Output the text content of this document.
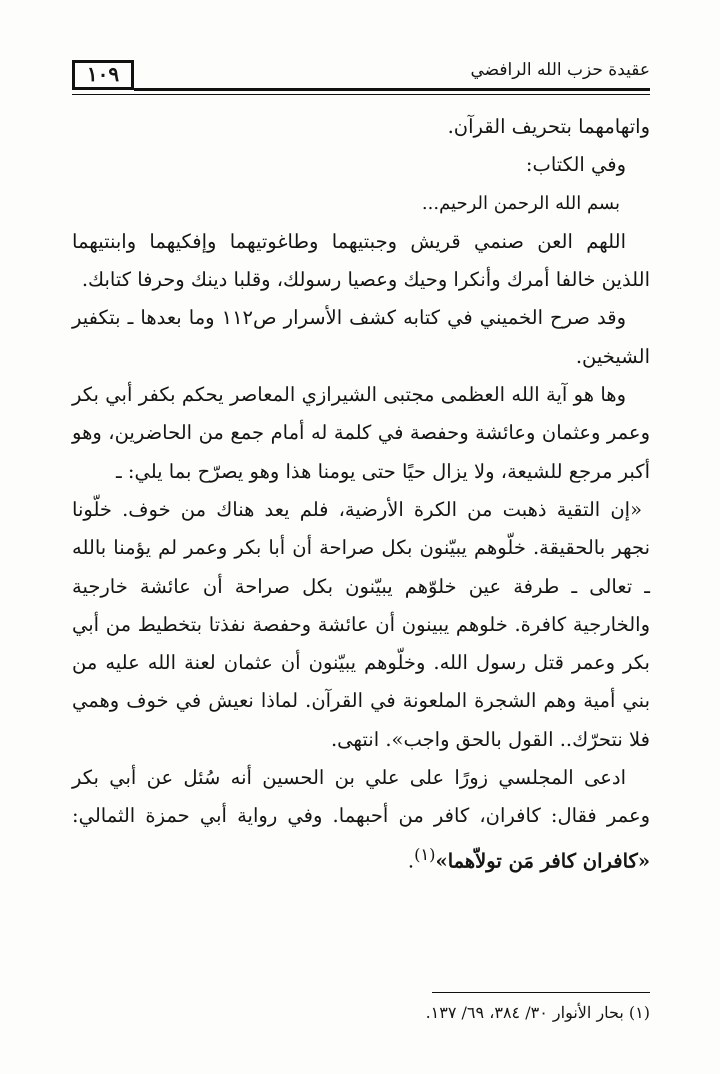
١٠٩	عقيدة حزب الله الرافضي

واتهامهما بتحريف القرآن.

وفي الكتاب:

بسم الله الرحمن الرحيم...

اللهم العن صنمي قريش وجبتيهما وطاغوتيهما وإفكيهما وابنتيهما اللذين خالفا أمرك وأنكرا وحيك وعصيا رسولك، وقلبا دينك وحرفا كتابك.

وقد صرح الخميني في كتابه كشف الأسرار ص١١٢ وما بعدها ـ بتكفير الشيخين.

وها هو آية الله العظمى مجتبى الشيرازي المعاصر يحكم بكفر أبي بكر وعمر وعثمان وعائشة وحفصة في كلمة له أمام جمع من الحاضرين، وهو أكبر مرجع للشيعة، ولا يزال حيًا حتى يومنا هذا وهو يصرّح بما يلي: ـ

«إن التقية ذهبت من الكرة الأرضية، فلم يعد هناك من خوف. خلّونا نجهر بالحقيقة. خلّوهم يبيّنون بكل صراحة أن أبا بكر وعمر لم يؤمنا بالله ـ تعالى ـ طرفة عين خلوّهم يبيّنون بكل صراحة أن عائشة خارجية والخارجية كافرة. خلوهم يبينون أن عائشة وحفصة نفذتا بتخطيط من أبي بكر وعمر قتل رسول الله. وخلّوهم يبيّنون أن عثمان لعنة الله عليه من بني أمية وهم الشجرة الملعونة في القرآن. لماذا نعيش في خوف وهمي فلا نتحرّك.. القول بالحق واجب». انتهى.

ادعى المجلسي زورًا على علي بن الحسين أنه سُئل عن أبي بكر وعمر فقال: كافران، كافر من أحبهما. وفي رواية أبي حمزة الثمالي: «كافران كافر مَن تولاّهما»$^{(١)}$.

(١) بحار الأنوار ٣٠/ ٣٨٤، ٦٩/ ١٣٧.
